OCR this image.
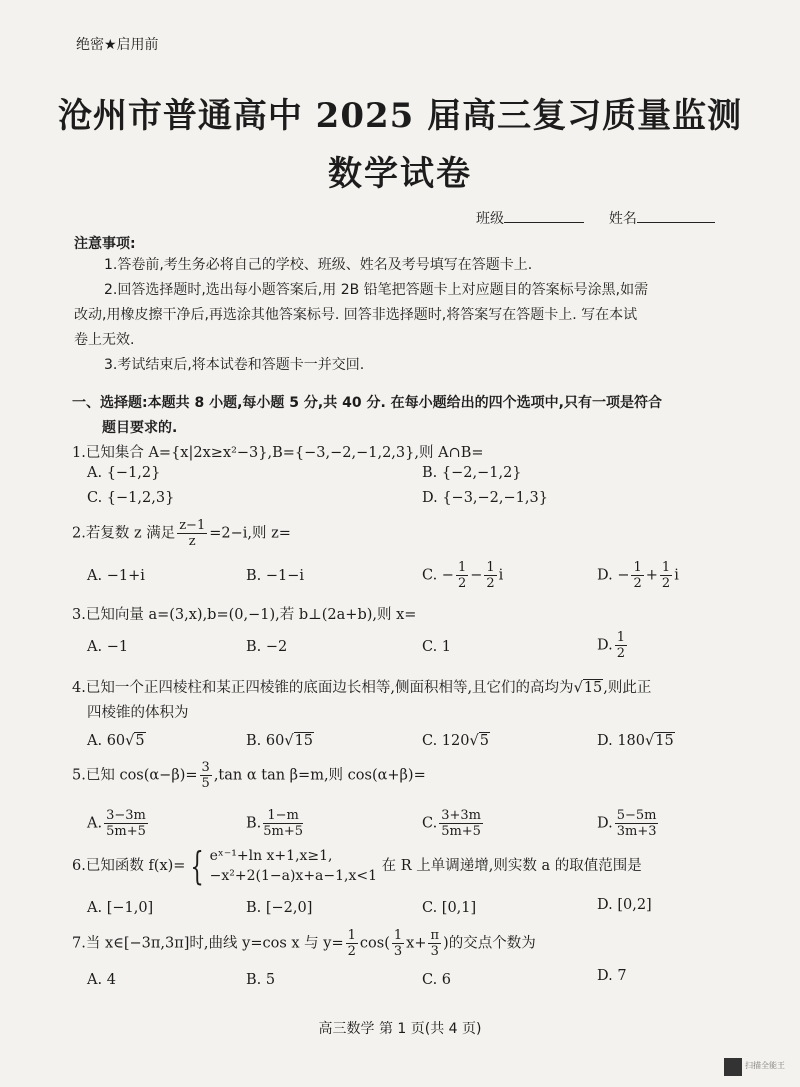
绝密★启用前
沧州市普通高中 2025 届高三复习质量监测
数学试卷
班级	姓名
注意事项:
1.答卷前,考生务必将自己的学校、班级、姓名及考号填写在答题卡上.
2.回答选择题时,选出每小题答案后,用 2B 铅笔把答题卡上对应题目的答案标号涂黑,如需
改动,用橡皮擦干净后,再选涂其他答案标号. 回答非选择题时,将答案写在答题卡上. 写在本试
卷上无效.
3.考试结束后,将本试卷和答题卡一并交回.
一、选择题:本题共 8 小题,每小题 5 分,共 40 分. 在每小题给出的四个选项中,只有一项是符合
题目要求的.
1.已知集合 A={x|2x≥x²−3},B={−3,−2,−1,2,3},则 A∩B=
A. {−1,2}	B. {−2,−1,2}
C. {−1,2,3}	D. {−3,−2,−1,3}
2.若复数 z 满足 $\frac{z-1}{z} =2-i$,则 z=
A. −1+i	B. −1−i	C. − $\frac{1}{2} - \frac{1}{2}$ i	D. − $\frac{1}{2} + \frac{1}{2}$ i
3.已知向量 a=(3,x),b=(0,−1),若 b⊥(2a+b),则 x=
A. −1	B. −2	C. 1	D. $\frac{1}{2}$
4.已知一个正四棱柱和某正四棱锥的底面边长相等,侧面积相等,且它们的高均为√15,则此正
四棱锥的体积为
A. 60√5	B. 60√15	C. 120√5	D. 180√15
5.已知 $\cos(\alpha-\beta)= \frac{3}{5} ,\tan$ α tan β=m,则 cos(α+β)=
A. $\frac{3-3m}{5m+5}$	B. $\frac{1-m}{5m+5}$	C. $\frac{3+3m}{5m+5}$	D. $\frac{5-5m}{3m+3}$
6.已知函数 f(x)= { eˣ⁻¹+ln x+1,x≥1,
−x²+2(1−a)x+a−1,x<1
在 R 上单调递增,则实数 a 的取值范围是
A. [−1,0]	B. [−2,0]	C. [0,1]	D. [0,2]
7.当 x∈[−3π,3π]时,曲线 y=cos x 与 $y= \frac{1}{2} \cos( \frac{1}{3} x+ \frac{\pi}{3}$ )的交点个数为
A. 4	B. 5	C. 6	D. 7
高三数学 第 1 页(共 4 页)
扫描全能王
